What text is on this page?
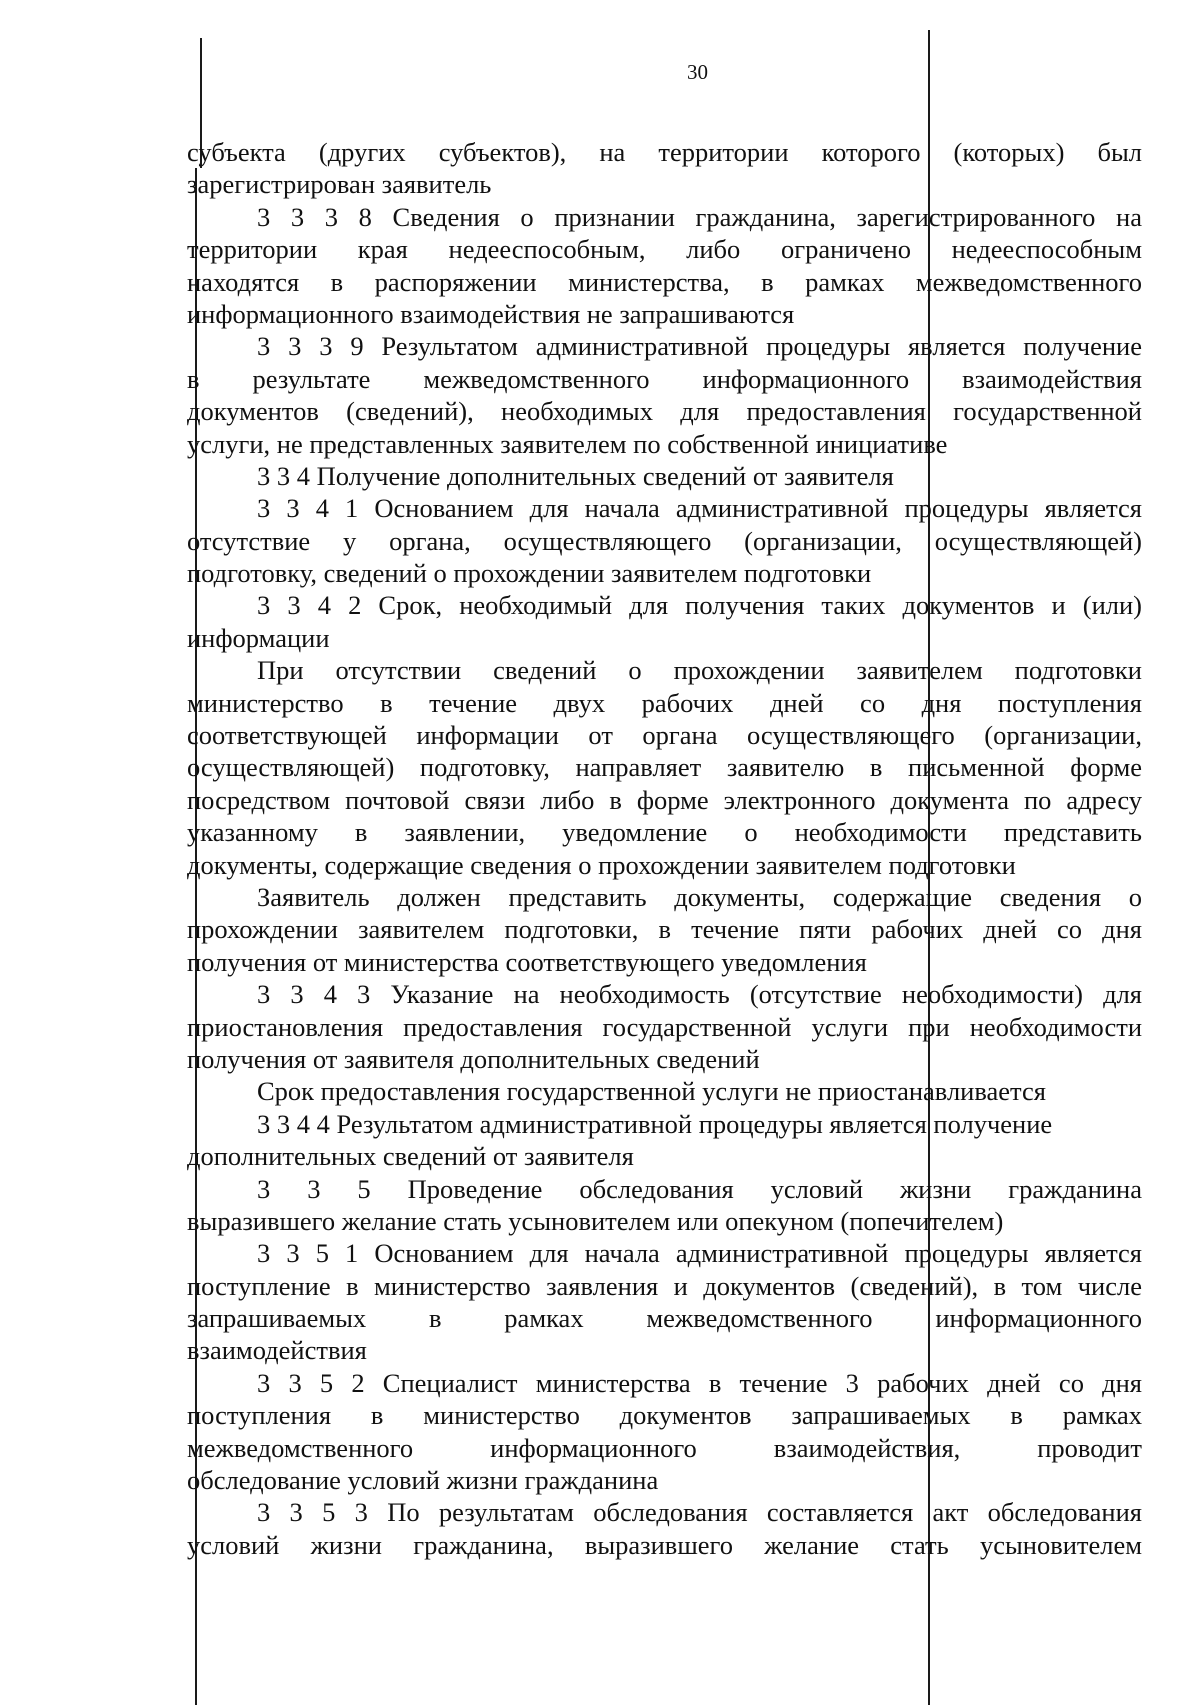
30
субъекта (других субъектов), на территории которого (которых) был
зарегистрирован заявитель
3 3 3 8 Сведения о признании гражданина, зарегистрированного на
территории края недееспособным, либо ограничено недееспособным
находятся в распоряжении министерства, в рамках межведомственного
информационного взаимодействия не запрашиваются
3 3 3 9 Результатом административной процедуры является получение
в результате межведомственного информационного взаимодействия
документов (сведений), необходимых для предоставления государственной
услуги, не представленных заявителем по собственной инициативе
3 3 4 Получение дополнительных сведений от заявителя
3 3 4 1 Основанием для начала административной процедуры является
отсутствие у органа, осуществляющего (организации, осуществляющей)
подготовку, сведений о прохождении заявителем подготовки
3 3 4 2 Срок, необходимый для получения таких документов и (или)
информации
При отсутствии сведений о прохождении заявителем подготовки
министерство в течение двух рабочих дней со дня поступления
соответствующей информации от органа осуществляющего (организации,
осуществляющей) подготовку, направляет заявителю в письменной форме
посредством почтовой связи либо в форме электронного документа по адресу
указанному в заявлении, уведомление о необходимости представить
документы, содержащие сведения о прохождении заявителем подготовки
Заявитель должен представить документы, содержащие сведения о
прохождении заявителем подготовки, в течение пяти рабочих дней со дня
получения от министерства соответствующего уведомления
3 3 4 3 Указание на необходимость (отсутствие необходимости) для
приостановления предоставления государственной услуги при необходимости
получения от заявителя дополнительных сведений
Срок предоставления государственной услуги не приостанавливается
3 3 4 4 Результатом административной процедуры является получение
дополнительных сведений от заявителя
3 3 5 Проведение обследования условий жизни гражданина
выразившего желание стать усыновителем или опекуном (попечителем)
3 3 5 1 Основанием для начала административной процедуры является
поступление в министерство заявления и документов (сведений), в том числе
запрашиваемых в рамках межведомственного информационного
взаимодействия
3 3 5 2 Специалист министерства в течение 3 рабочих дней со дня
поступления в министерство документов запрашиваемых в рамках
межведомственного информационного взаимодействия, проводит
обследование условий жизни гражданина
3 3 5 3 По результатам обследования составляется акт обследования
условий жизни гражданина, выразившего желание стать усыновителем
